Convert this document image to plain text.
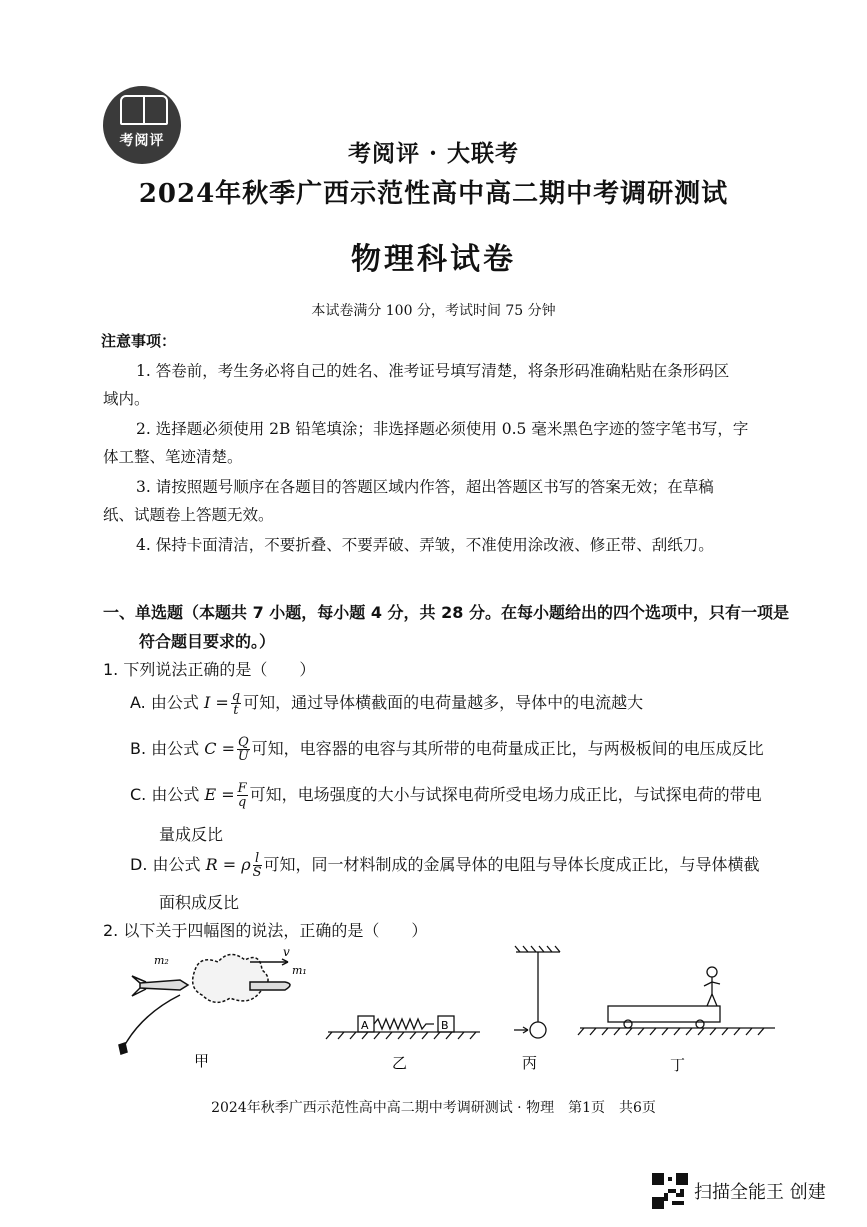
考阅评	考阅评 · 大联考
2024年秋季广西示范性高中高二期中考调研测试
物理科试卷
本试卷满分 100 分，考试时间 75 分钟
注意事项：
1. 答卷前，考生务必将自己的姓名、准考证号填写清楚，将条形码准确粘贴在条形码区
域内。
2. 选择题必须使用 2B 铅笔填涂；非选择题必须使用 0.5 毫米黑色字迹的签字笔书写，字
体工整、笔迹清楚。
3. 请按照题号顺序在各题目的答题区域内作答，超出答题区书写的答案无效；在草稿
纸、试题卷上答题无效。
4. 保持卡面清洁，不要折叠、不要弄破、弄皱，不准使用涂改液、修正带、刮纸刀。
一、单选题（本题共 7 小题，每小题 4 分，共 28 分。在每小题给出的四个选项中，只有一项是
符合题目要求的。）
1. 下列说法正确的是（　　）
A. 由公式 $I = \frac{q}{t}$ 可知，通过导体横截面的电荷量越多，导体中的电流越大
B. 由公式 $C = \frac{Q}{U}$ 可知，电容器的电容与其所带的电荷量成正比，与两极板间的电压成反比
C. 由公式 $E = \frac{F}{q}$ 可知，电场强度的大小与试探电荷所受电场力成正比，与试探电荷的带电
量成反比
D. 由公式 R = ρ $\frac{l}{S}$ 可知，同一材料制成的金属导体的电阻与导体长度成正比，与导体横截
面积成反比
2. 以下关于四幅图的说法，正确的是（　　）
m₂
m₁
v
甲
A	B
乙	丙	丁
2024年秋季广西示范性高中高二期中考调研测试 · 物理　第1页　共6页
扫描全能王 创建
